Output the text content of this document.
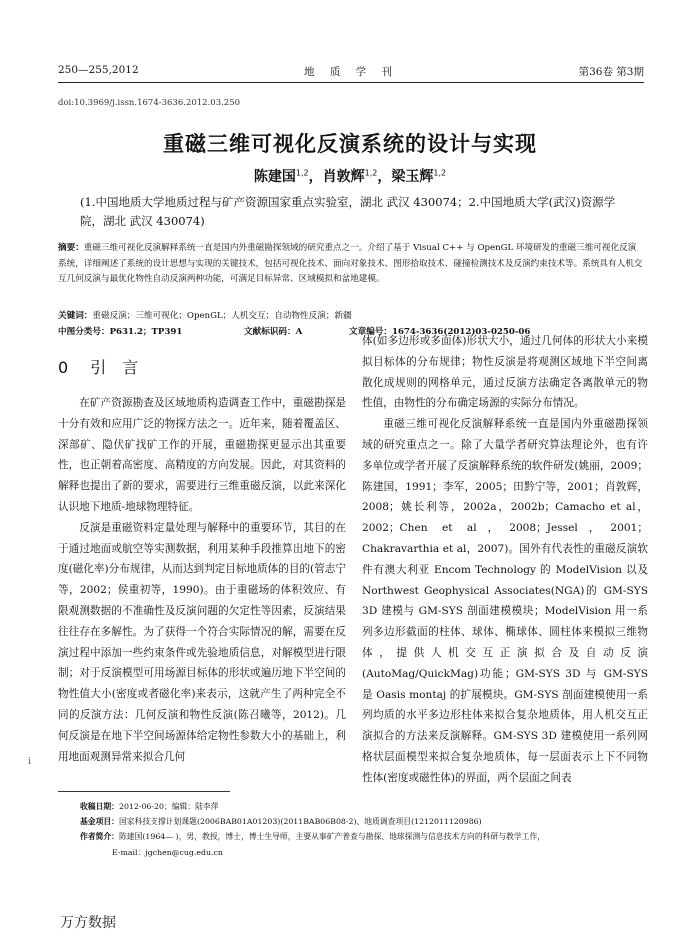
250—255,2012	地 质 学 刊	第36卷 第3期
doi:10.3969/j.issn.1674-3636.2012.03.250
重磁三维可视化反演系统的设计与实现
陈建国$^{1,2}$，肖敦辉$^{1,2}$，梁玉辉$^{1,2}$
(1.中国地质大学地质过程与矿产资源国家重点实验室，湖北 武汉 430074；2.中国地质大学(武汉)资源学院，湖北 武汉 430074)
摘要：重磁三维可视化反演解释系统一直是国内外重磁勘探领域的研究重点之一。介绍了基于 Visual C++ 与 OpenGL 环境研发的重磁三维可视化反演系统，详细阐述了系统的设计思想与实现的关键技术，包括可视化技术、面向对象技术、图形拾取技术、碰撞检测技术及反演约束技术等。系统具有人机交互几何反演与最优化物性自动反演两种功能，可满足目标异常、区域模拟和盆地建模。
关键词：重磁反演；三维可视化；OpenGL；人机交互；自动物性反演；新疆
中图分类号：P631.2；TP391	文献标识码：A	文章编号：1674-3636(2012)03-0250-06
0 引言

在矿产资源勘查及区域地质构造调查工作中，重磁勘探是十分有效和应用广泛的物探方法之一。近年来，随着覆盖区、深部矿、隐伏矿找矿工作的开展，重磁勘探更显示出其重要性，也正朝着高密度、高精度的方向发展。因此，对其资料的解释也提出了新的要求，需要进行三维重磁反演，以此来深化认识地下地质-地球物理特征。

反演是重磁资料定量处理与解释中的重要环节，其目的在于通过地面或航空等实测数据，利用某种手段推算出地下的密度(磁化率)分布规律，从而达到判定目标地质体的目的(管志宁等，2002；侯重初等，1990)。由于重磁场的体积效应、有限观测数据的不准确性及反演问题的欠定性等因素，反演结果往往存在多解性。为了获得一个符合实际情况的解，需要在反演过程中添加一些约束条件或先验地质信息，对解模型进行限制；对于反演模型可用场源目标体的形状或遍历地下半空间的物性值大小(密度或者磁化率)来表示，这就产生了两种完全不同的反演方法：几何反演和物性反演(陈召曦等，2012)。几何反演是在地下半空间场源体给定物性参数大小的基础上，利用地面观测异常来拟合几何

体(如多边形或多面体)形状大小，通过几何体的形状大小来模拟目标体的分布规律；物性反演是将观测区域地下半空间离散化成规则的网格单元，通过反演方法确定各离散单元的物性值，由物性的分布确定场源的实际分布情况。

重磁三维可视化反演解释系统一直是国内外重磁勘探领域的研究重点之一。除了大量学者研究算法理论外，也有许多单位或学者开展了反演解释系统的软件研发(姚丽，2009；陈建国，1991；李军，2005；田黔宁等，2001；肖敦辉，2008；姚长利等，2002a，2002b；Camacho et al，2002；Chen et al，2008；Jessel，2001；Chakravarthia et al，2007)。国外有代表性的重磁反演软件有澳大利亚 Encom Technology 的 ModelVision 以及 Northwest Geophysical Associates(NGA)的 GM-SYS 3D 建模与 GM-SYS 剖面建模模块；ModelVision 用一系列多边形截面的柱体、球体、椭球体、圆柱体来模拟三维物体，提供人机交互正演拟合及自动反演(AutoMag/QuickMag)功能；GM-SYS 3D 与 GM-SYS 是 Oasis montaj 的扩展模块。GM-SYS 剖面建模使用一系列均质的水平多边形柱体来拟合复杂地质体，用人机交互正演拟合的方法来反演解释。GM-SYS 3D 建模使用一系列网格状层面模型来拟合复杂地质体，每一层面表示上下不同物性体(密度或磁性体)的界面，两个层面之间表

i
收稿日期：2012-06-20；编辑：陆李萍
基金项目：国家科技支撑计划课题(2006BAB01A01203)(2011BAB06B08-2)、地质调查项目(1212011120986)
作者简介：陈建国(1964— )，男，教授，博士，博士生导师，主要从事矿产普查与勘探、地球探测与信息技术方向的科研与教学工作，
E-mail：jgchen@cug.edu.cn
万方数据
